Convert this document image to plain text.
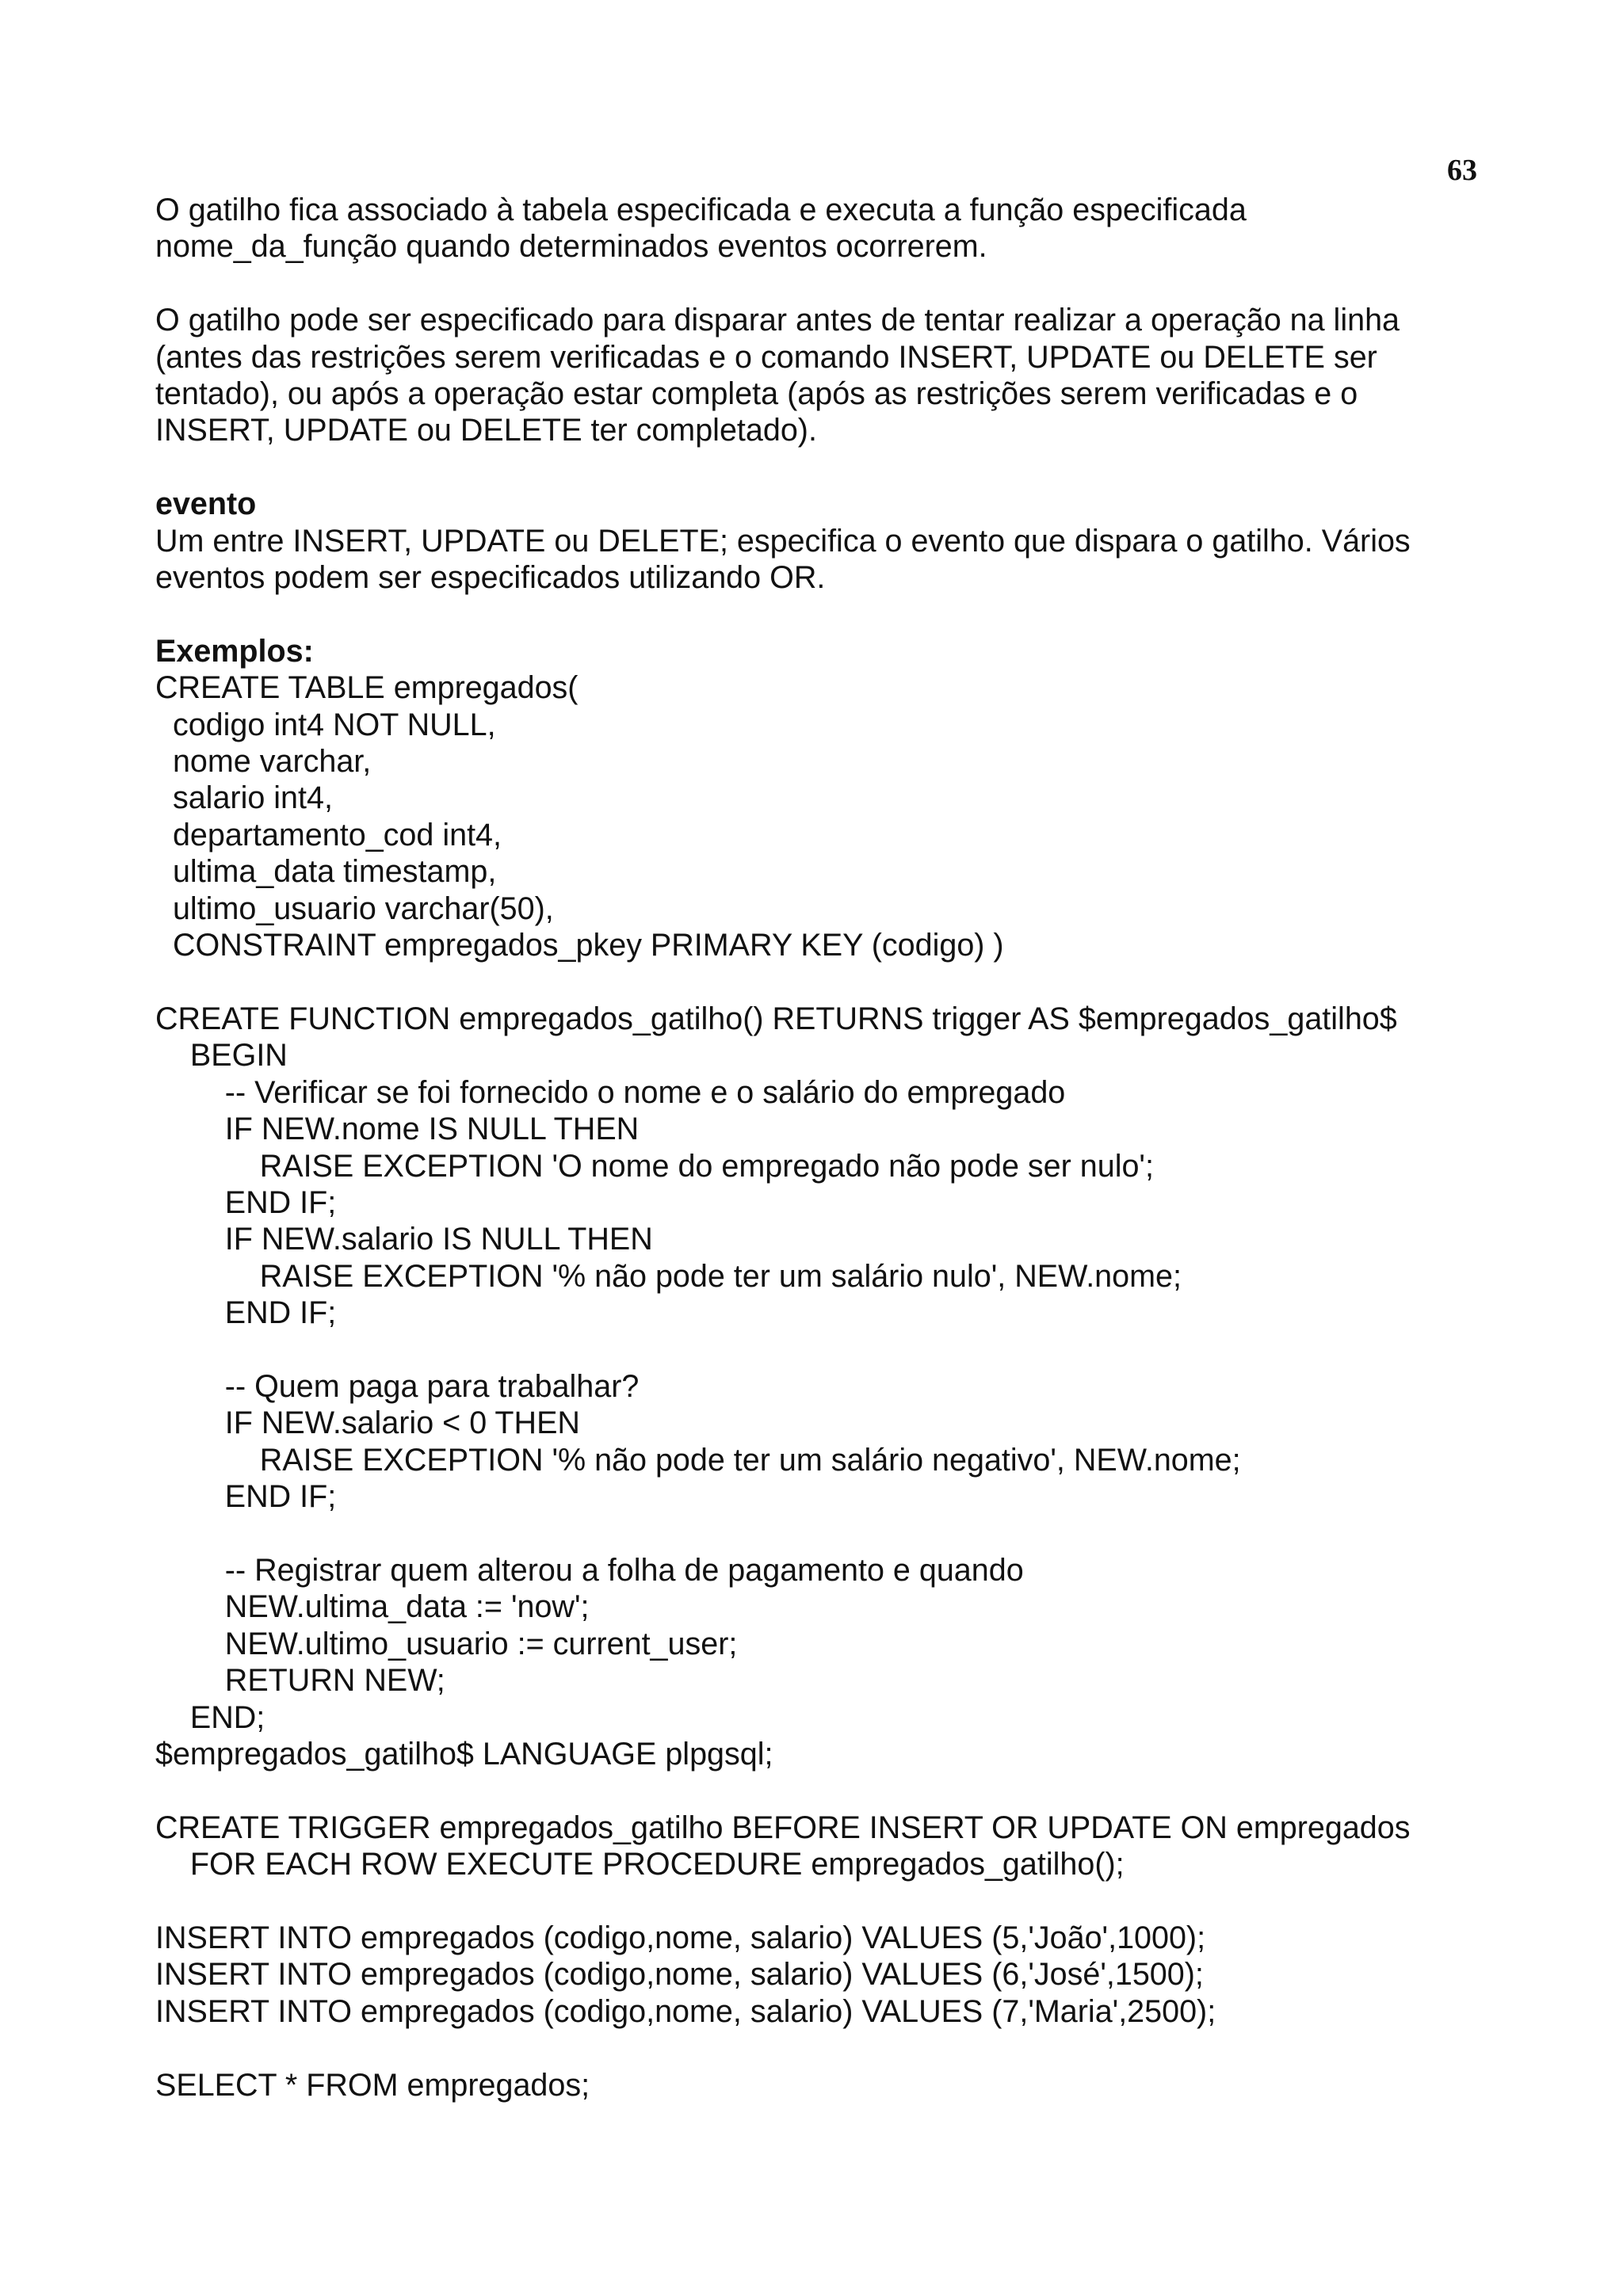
63
O gatilho fica associado à tabela especificada e executa a função especificada
nome_da_função quando determinados eventos ocorrerem.
O gatilho pode ser especificado para disparar antes de tentar realizar a operação na linha
(antes das restrições serem verificadas e o comando INSERT, UPDATE ou DELETE ser
tentado), ou após a operação estar completa (após as restrições serem verificadas e o
INSERT, UPDATE ou DELETE ter completado).
evento
Um entre INSERT, UPDATE ou DELETE; especifica o evento que dispara o gatilho. Vários
eventos podem ser especificados utilizando OR.
Exemplos:
CREATE TABLE empregados(
codigo int4 NOT NULL,
nome varchar,
salario int4,
departamento_cod int4,
ultima_data timestamp,
ultimo_usuario varchar(50),
CONSTRAINT empregados_pkey PRIMARY KEY (codigo) )
CREATE FUNCTION empregados_gatilho() RETURNS trigger AS $empregados_gatilho$
BEGIN
-- Verificar se foi fornecido o nome e o salário do empregado
IF NEW.nome IS NULL THEN
RAISE EXCEPTION 'O nome do empregado não pode ser nulo';
END IF;
IF NEW.salario IS NULL THEN
RAISE EXCEPTION '% não pode ter um salário nulo', NEW.nome;
END IF;
-- Quem paga para trabalhar?
IF NEW.salario < 0 THEN
RAISE EXCEPTION '% não pode ter um salário negativo', NEW.nome;
END IF;
-- Registrar quem alterou a folha de pagamento e quando
NEW.ultima_data := 'now';
NEW.ultimo_usuario := current_user;
RETURN NEW;
END;
$empregados_gatilho$ LANGUAGE plpgsql;
CREATE TRIGGER empregados_gatilho BEFORE INSERT OR UPDATE ON empregados
FOR EACH ROW EXECUTE PROCEDURE empregados_gatilho();
INSERT INTO empregados (codigo,nome, salario) VALUES (5,'João',1000);
INSERT INTO empregados (codigo,nome, salario) VALUES (6,'José',1500);
INSERT INTO empregados (codigo,nome, salario) VALUES (7,'Maria',2500);
SELECT * FROM empregados;
